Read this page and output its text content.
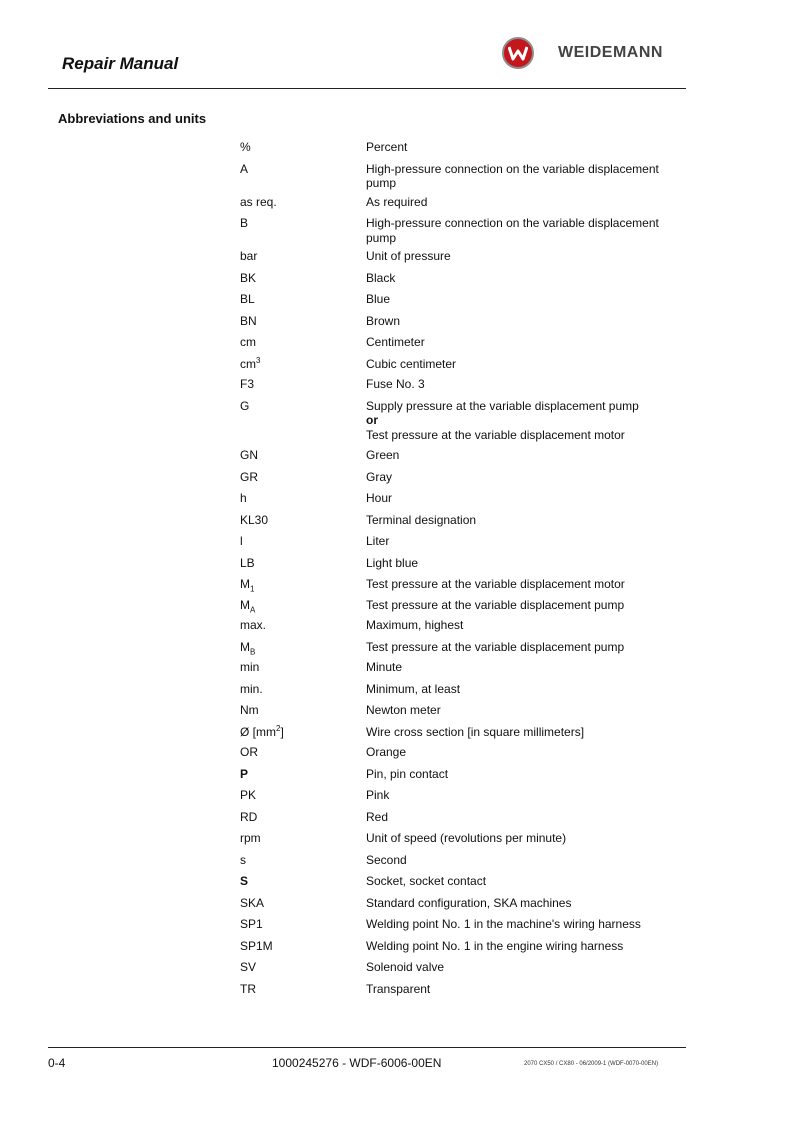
Repair Manual
WEIDEMANN
Abbreviations and units
%	Percent
A	High-pressure connection on the variable displacement pump
as req.	As required
B	High-pressure connection on the variable displacement pump
bar	Unit of pressure
BK	Black
BL	Blue
BN	Brown
cm	Centimeter
$cm^3$	Cubic centimeter
F3	Fuse No. 3
G	Supply pressure at the variable displacement pump
or
Test pressure at the variable displacement motor
GN	Green
GR	Gray
h	Hour
KL30	Terminal designation
l	Liter
LB	Light blue
$M_1$	Test pressure at the variable displacement motor
$M_A$	Test pressure at the variable displacement pump
max.	Maximum, highest
$M_B$	Test pressure at the variable displacement pump
min	Minute
min.	Minimum, at least
Nm	Newton meter
Ø $[mm^2]$	Wire cross section [in square millimeters]
OR	Orange
P	Pin, pin contact
PK	Pink
RD	Red
rpm	Unit of speed (revolutions per minute)
s	Second
S	Socket, socket contact
SKA	Standard configuration, SKA machines
SP1	Welding point No. 1 in the machine's wiring harness
SP1M	Welding point No. 1 in the engine wiring harness
SV	Solenoid valve
TR	Transparent
0-4	1000245276 - WDF-6006-00EN	2070 CX50 / CX80 - 06/2009-1 (WDF-0070-00EN)
